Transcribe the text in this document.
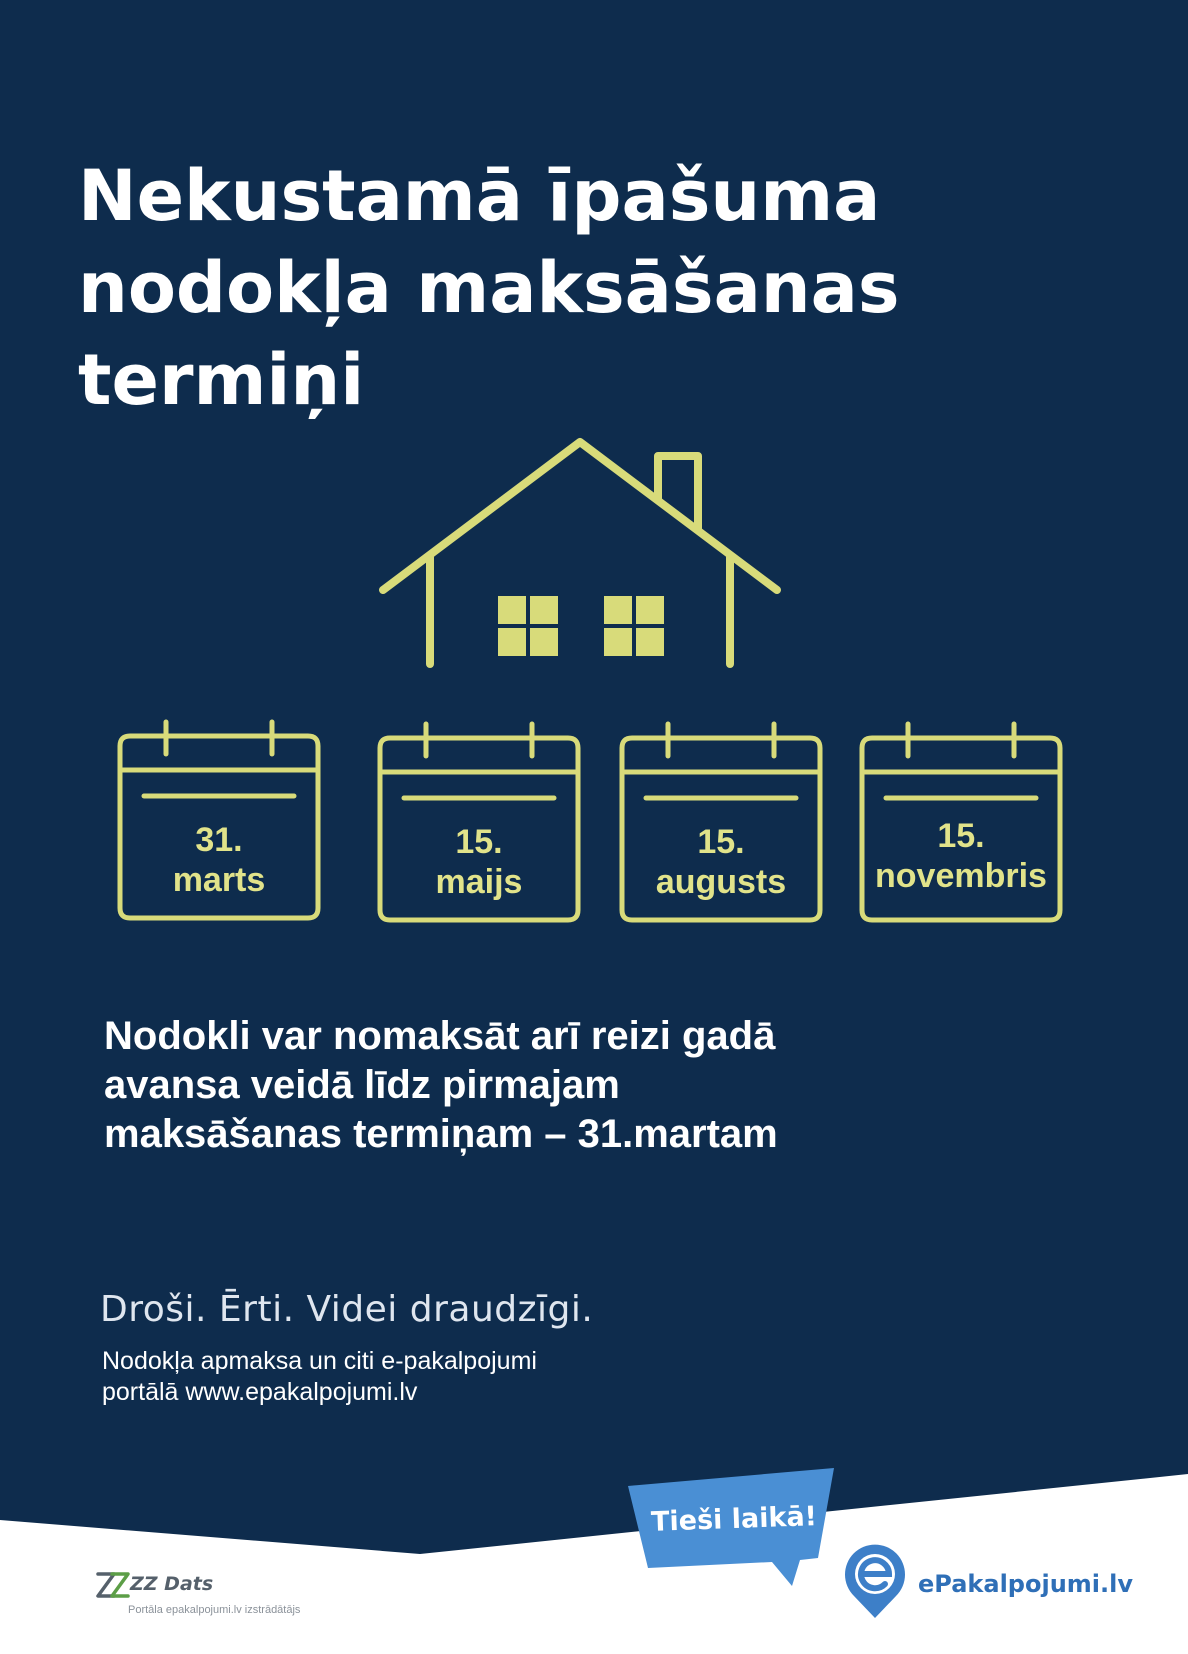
Nekustamā īpašuma
nodokļa maksāšanas
termiņi
31.
marts
15.
maijs
15.
augusts
15.
novembris
Nodokli var nomaksāt arī reizi gadā
avansa veidā līdz pirmajam
maksāšanas termiņam – 31.martam
Droši. Ērti. Videi draudzīgi.
Nodokļa apmaksa un citi e-pakalpojumi
portālā www.epakalpojumi.lv
Tieši laikā!
ZZ Dats
Portāla epakalpojumi.lv izstrādātājs
ePakalpojumi.lv
